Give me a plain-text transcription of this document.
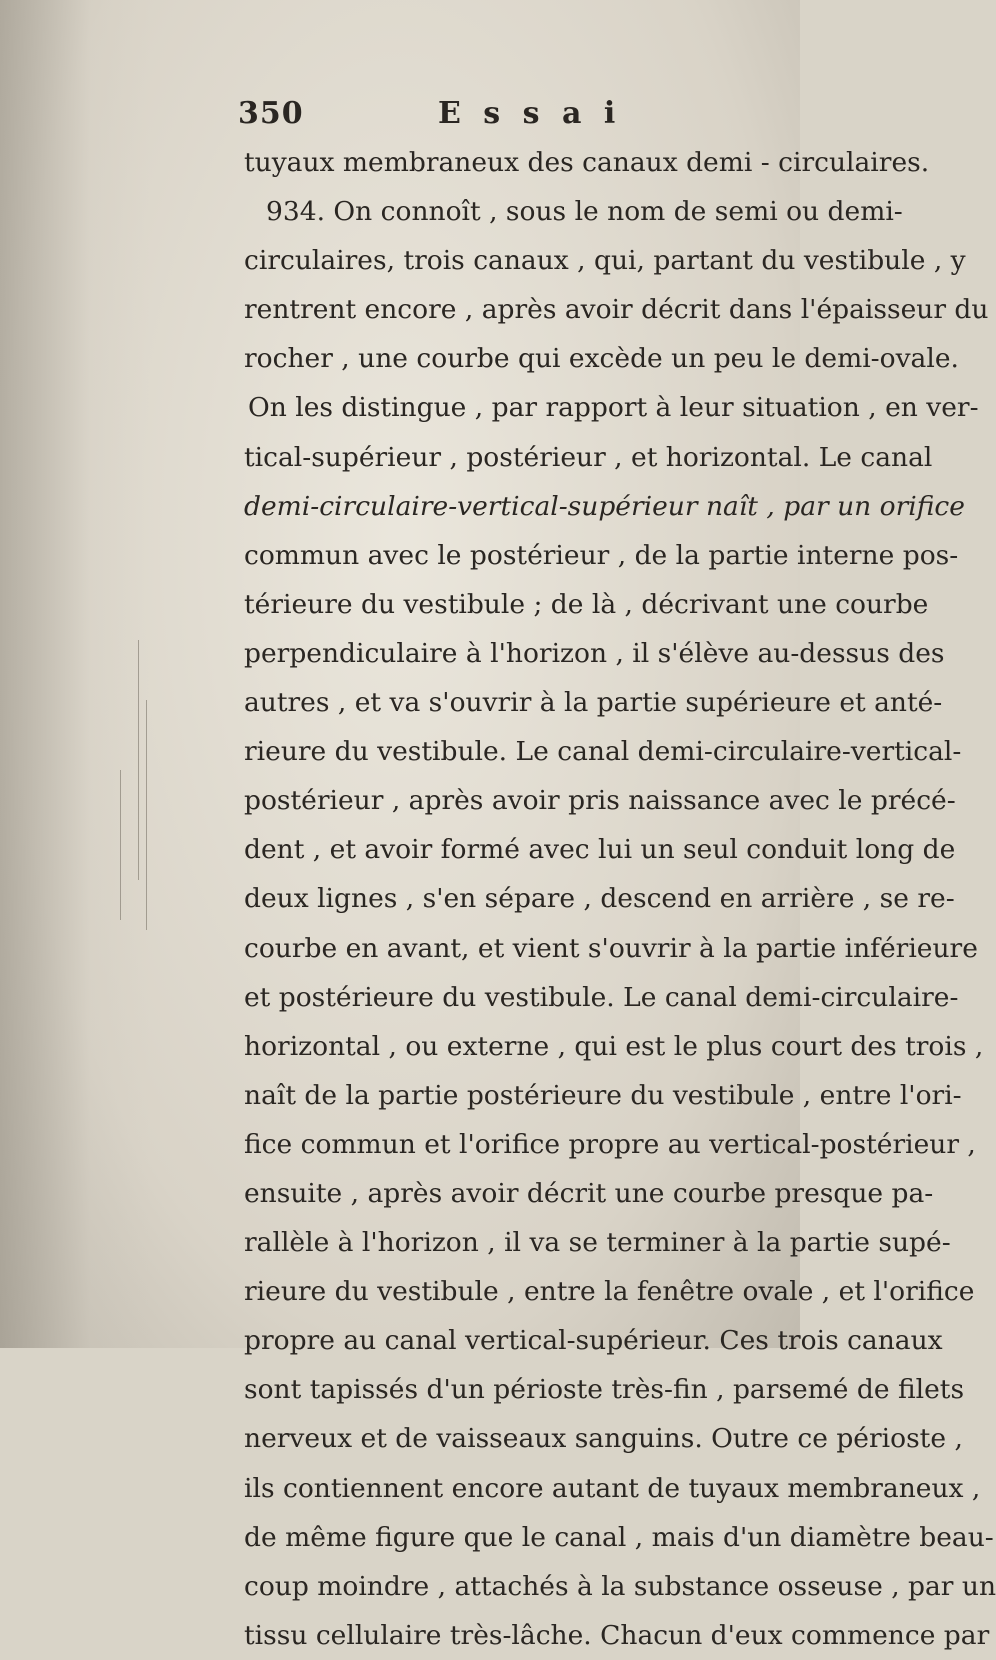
350	E s s a i
tuyaux membraneux des canaux demi - circulaires.
934. On connoît , sous le nom de semi ou demi-
circulaires, trois canaux , qui, partant du vestibule , y
rentrent encore , après avoir décrit dans l'épaisseur du
rocher , une courbe qui excède un peu le demi-ovale.
On les distingue , par rapport à leur situation , en ver-
tical-supérieur , postérieur , et horizontal. Le canal
demi-circulaire-vertical-supérieur naît , par un orifice
commun avec le postérieur , de la partie interne pos-
térieure du vestibule ; de là , décrivant une courbe
perpendiculaire à l'horizon , il s'élève au-dessus des
autres , et va s'ouvrir à la partie supérieure et anté-
rieure du vestibule. Le canal demi-circulaire-vertical-
postérieur , après avoir pris naissance avec le précé-
dent , et avoir formé avec lui un seul conduit long de
deux lignes , s'en sépare , descend en arrière , se re-
courbe en avant, et vient s'ouvrir à la partie inférieure
et postérieure du vestibule. Le canal demi-circulaire-
horizontal , ou externe , qui est le plus court des trois ,
naît de la partie postérieure du vestibule , entre l'ori-
fice commun et l'orifice propre au vertical-postérieur ,
ensuite , après avoir décrit une courbe presque pa-
rallèle à l'horizon , il va se terminer à la partie supé-
rieure du vestibule , entre la fenêtre ovale , et l'orifice
propre au canal vertical-supérieur. Ces trois canaux
sont tapissés d'un périoste très-fin , parsemé de filets
nerveux et de vaisseaux sanguins. Outre ce périoste ,
ils contiennent encore autant de tuyaux membraneux ,
de même figure que le canal , mais d'un diamètre beau-
coup moindre , attachés à la substance osseuse , par un
tissu cellulaire très-lâche. Chacun d'eux commence par
